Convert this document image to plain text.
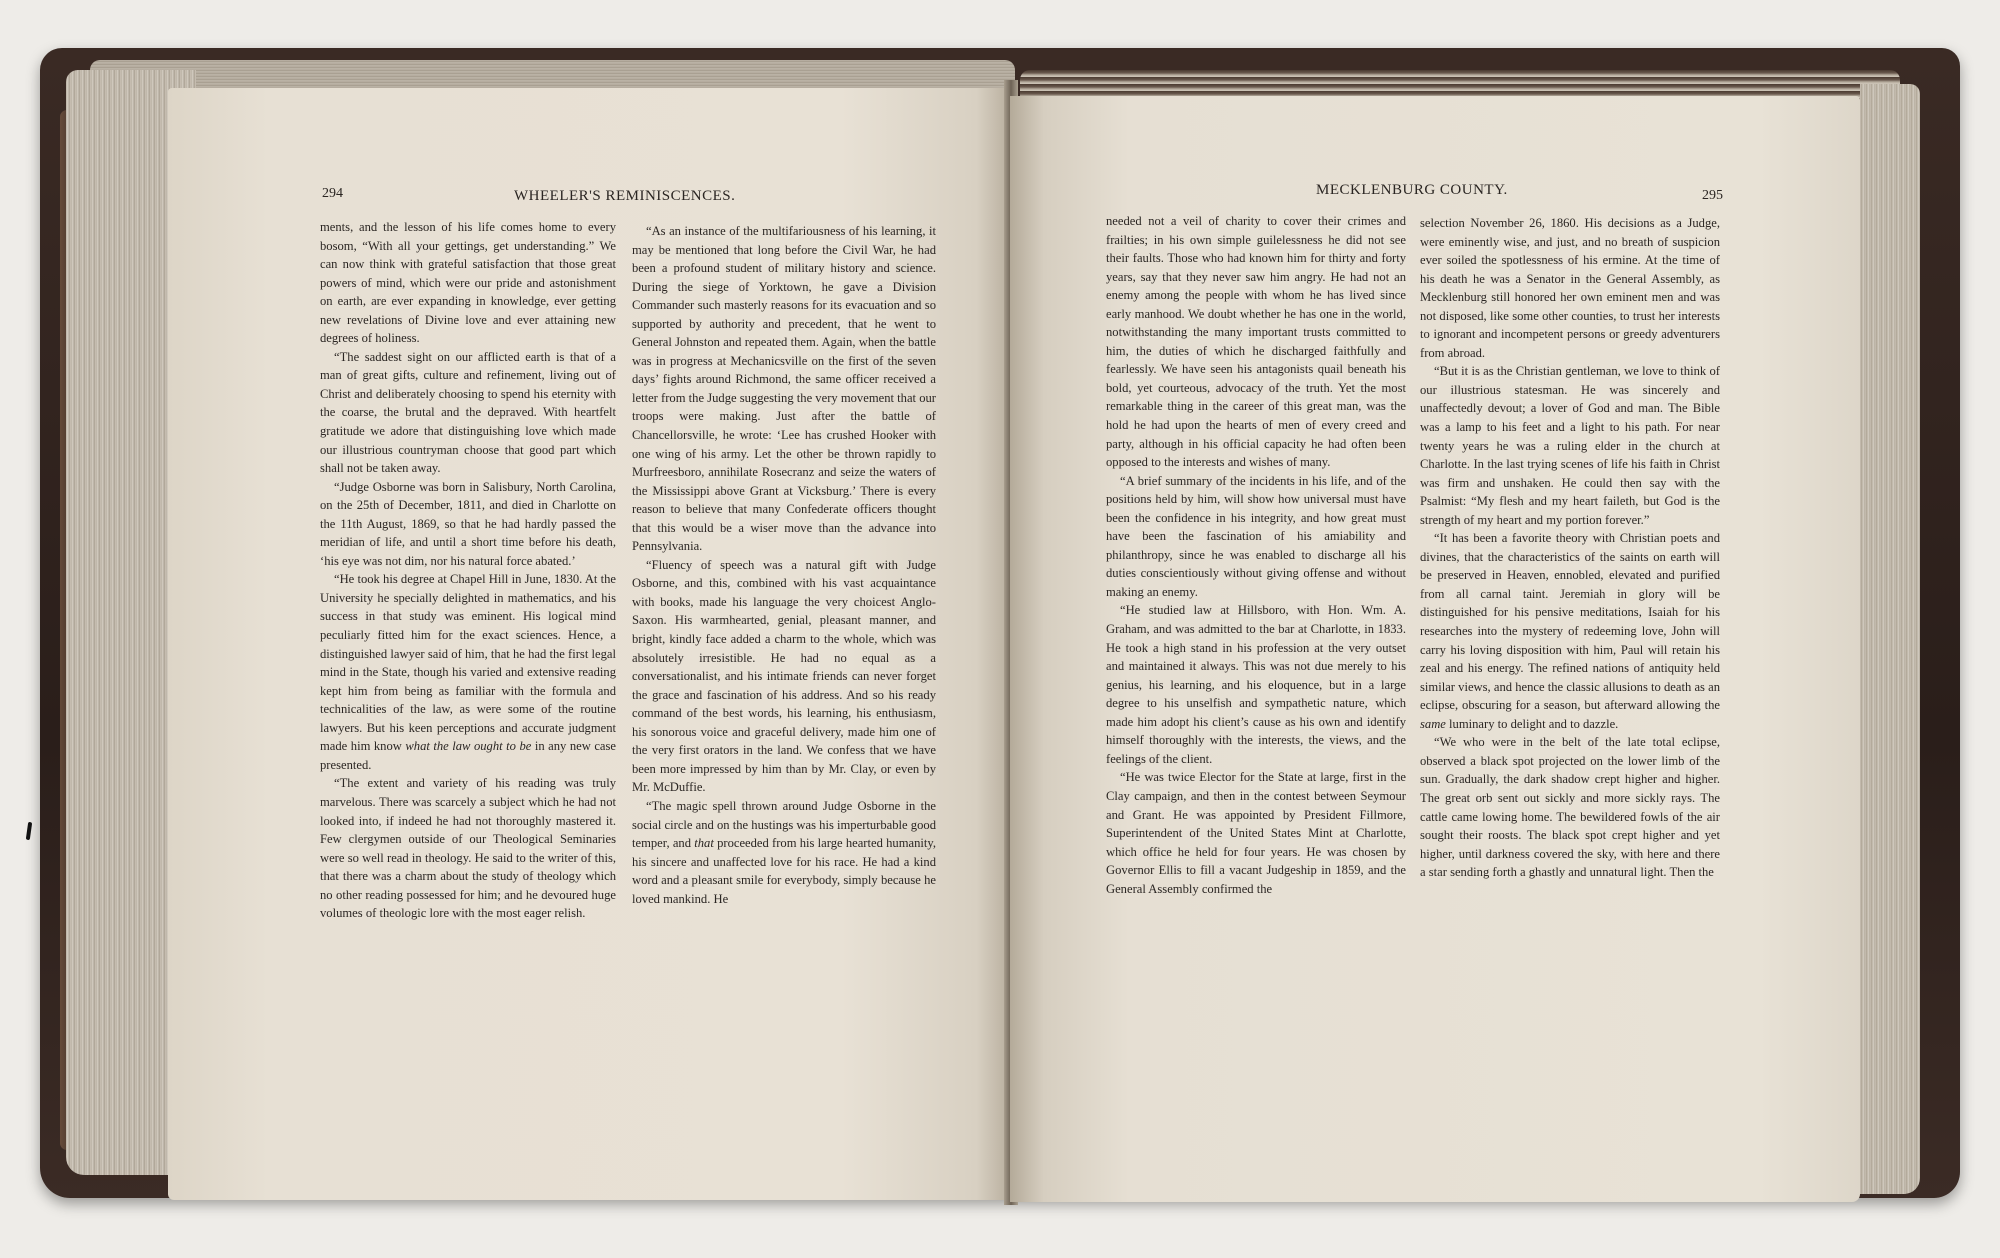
294	WHEELER'S REMINISCENCES.

ments, and the lesson of his life comes home to every bosom, “With all your gettings, get understanding.” We can now think with grateful satisfaction that those great powers of mind, which were our pride and astonishment on earth, are ever expanding in knowledge, ever getting new revelations of Divine love and ever attaining new degrees of holiness.

“The saddest sight on our afflicted earth is that of a man of great gifts, culture and refinement, living out of Christ and deliberately choosing to spend his eternity with the coarse, the brutal and the depraved. With heartfelt gratitude we adore that distinguishing love which made our illustrious countryman choose that good part which shall not be taken away.

“Judge Osborne was born in Salisbury, North Carolina, on the 25th of December, 1811, and died in Charlotte on the 11th August, 1869, so that he had hardly passed the meridian of life, and until a short time before his death, ‘his eye was not dim, nor his natural force abated.’

“He took his degree at Chapel Hill in June, 1830. At the University he specially delighted in mathematics, and his success in that study was eminent. His logical mind peculiarly fitted him for the exact sciences. Hence, a distinguished lawyer said of him, that he had the first legal mind in the State, though his varied and extensive reading kept him from being as familiar with the formula and technicalities of the law, as were some of the routine lawyers. But his keen perceptions and accurate judgment made him know what the law ought to be in any new case presented.

“The extent and variety of his reading was truly marvelous. There was scarcely a subject which he had not looked into, if indeed he had not thoroughly mastered it. Few clergymen outside of our Theological Seminaries were so well read in theology. He said to the writer of this, that there was a charm about the study of theology which no other reading possessed for him; and he devoured huge volumes of theologic lore with the most eager relish.

“As an instance of the multifariousness of his learning, it may be mentioned that long before the Civil War, he had been a profound student of military history and science. During the siege of Yorktown, he gave a Division Commander such masterly reasons for its evacuation and so supported by authority and precedent, that he went to General Johnston and repeated them. Again, when the battle was in progress at Mechanicsville on the first of the seven days’ fights around Richmond, the same officer received a letter from the Judge suggesting the very movement that our troops were making. Just after the battle of Chancellorsville, he wrote: ‘Lee has crushed Hooker with one wing of his army. Let the other be thrown rapidly to Murfreesboro, annihilate Rosecranz and seize the waters of the Mississippi above Grant at Vicksburg.’ There is every reason to believe that many Confederate officers thought that this would be a wiser move than the advance into Pennsylvania.

“Fluency of speech was a natural gift with Judge Osborne, and this, combined with his vast acquaintance with books, made his language the very choicest Anglo-Saxon. His warmhearted, genial, pleasant manner, and bright, kindly face added a charm to the whole, which was absolutely irresistible. He had no equal as a conversationalist, and his intimate friends can never forget the grace and fascination of his address. And so his ready command of the best words, his learning, his enthusiasm, his sonorous voice and graceful delivery, made him one of the very first orators in the land. We confess that we have been more impressed by him than by Mr. Clay, or even by Mr. McDuffie.

“The magic spell thrown around Judge Osborne in the social circle and on the hustings was his imperturbable good temper, and that proceeded from his large hearted humanity, his sincere and unaffected love for his race. He had a kind word and a pleasant smile for everybody, simply because he loved mankind. He

MECKLENBURG COUNTY.	295

needed not a veil of charity to cover their crimes and frailties; in his own simple guilelessness he did not see their faults. Those who had known him for thirty and forty years, say that they never saw him angry. He had not an enemy among the people with whom he has lived since early manhood. We doubt whether he has one in the world, notwithstanding the many important trusts committed to him, the duties of which he discharged faithfully and fearlessly. We have seen his antagonists quail beneath his bold, yet courteous, advocacy of the truth. Yet the most remarkable thing in the career of this great man, was the hold he had upon the hearts of men of every creed and party, although in his official capacity he had often been opposed to the interests and wishes of many.

“A brief summary of the incidents in his life, and of the positions held by him, will show how universal must have been the confidence in his integrity, and how great must have been the fascination of his amiability and philanthropy, since he was enabled to discharge all his duties conscientiously without giving offense and without making an enemy.

“He studied law at Hillsboro, with Hon. Wm. A. Graham, and was admitted to the bar at Charlotte, in 1833. He took a high stand in his profession at the very outset and maintained it always. This was not due merely to his genius, his learning, and his eloquence, but in a large degree to his unselfish and sympathetic nature, which made him adopt his client’s cause as his own and identify himself thoroughly with the interests, the views, and the feelings of the client.

“He was twice Elector for the State at large, first in the Clay campaign, and then in the contest between Seymour and Grant. He was appointed by President Fillmore, Superintendent of the United States Mint at Charlotte, which office he held for four years. He was chosen by Governor Ellis to fill a vacant Judgeship in 1859, and the General Assembly confirmed the

selection November 26, 1860. His decisions as a Judge, were eminently wise, and just, and no breath of suspicion ever soiled the spotlessness of his ermine. At the time of his death he was a Senator in the General Assembly, as Mecklenburg still honored her own eminent men and was not disposed, like some other counties, to trust her interests to ignorant and incompetent persons or greedy adventurers from abroad.

“But it is as the Christian gentleman, we love to think of our illustrious statesman. He was sincerely and unaffectedly devout; a lover of God and man. The Bible was a lamp to his feet and a light to his path. For near twenty years he was a ruling elder in the church at Charlotte. In the last trying scenes of life his faith in Christ was firm and unshaken. He could then say with the Psalmist: “My flesh and my heart faileth, but God is the strength of my heart and my portion forever.”

“It has been a favorite theory with Christian poets and divines, that the characteristics of the saints on earth will be preserved in Heaven, ennobled, elevated and purified from all carnal taint. Jeremiah in glory will be distinguished for his pensive meditations, Isaiah for his researches into the mystery of redeeming love, John will carry his loving disposition with him, Paul will retain his zeal and his energy. The refined nations of antiquity held similar views, and hence the classic allusions to death as an eclipse, obscuring for a season, but afterward allowing the same luminary to delight and to dazzle.

“We who were in the belt of the late total eclipse, observed a black spot projected on the lower limb of the sun. Gradually, the dark shadow crept higher and higher. The great orb sent out sickly and more sickly rays. The cattle came lowing home. The bewildered fowls of the air sought their roosts. The black spot crept higher and yet higher, until darkness covered the sky, with here and there a star sending forth a ghastly and unnatural light. Then the
